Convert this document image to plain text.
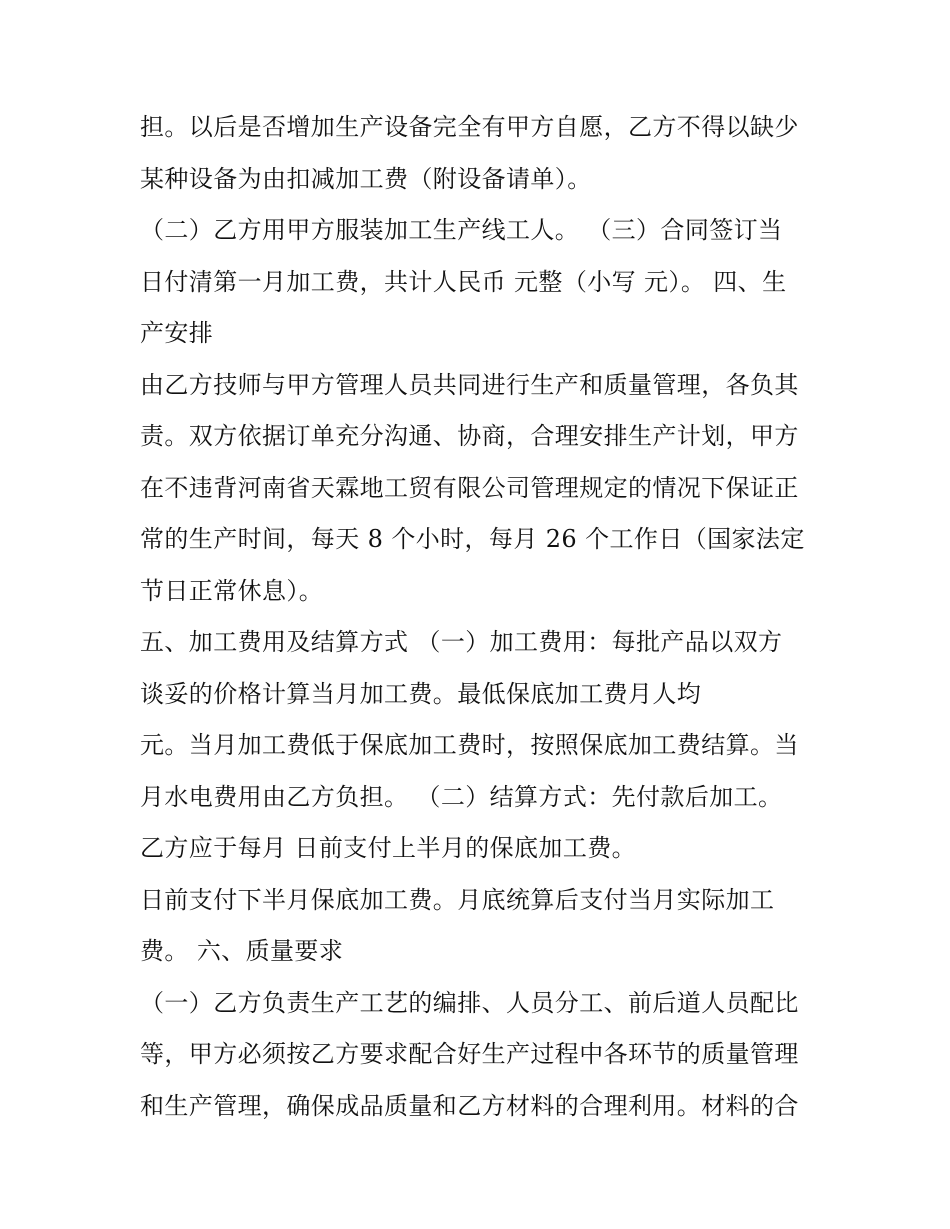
担。以后是否增加生产设备完全有甲方自愿，乙方不得以缺少
某种设备为由扣减加工费（附设备请单）。
（二）乙方用甲方服装加工生产线工人。 （三）合同签订当
日付清第一月加工费，共计人民币 元整（小写 元）。 四、生
产安排
由乙方技师与甲方管理人员共同进行生产和质量管理，各负其
责。双方依据订单充分沟通、协商，合理安排生产计划，甲方
在不违背河南省天霖地工贸有限公司管理规定的情况下保证正
常的生产时间，每天 8 个小时，每月 26 个工作日（国家法定
节日正常休息）。
五、加工费用及结算方式 （一）加工费用：每批产品以双方
谈妥的价格计算当月加工费。最低保底加工费月人均
元。当月加工费低于保底加工费时，按照保底加工费结算。当
月水电费用由乙方负担。 （二）结算方式：先付款后加工。
乙方应于每月 日前支付上半月的保底加工费。
日前支付下半月保底加工费。月底统算后支付当月实际加工
费。 六、质量要求
（一）乙方负责生产工艺的编排、人员分工、前后道人员配比
等，甲方必须按乙方要求配合好生产过程中各环节的质量管理
和生产管理，确保成品质量和乙方材料的合理利用。材料的合
